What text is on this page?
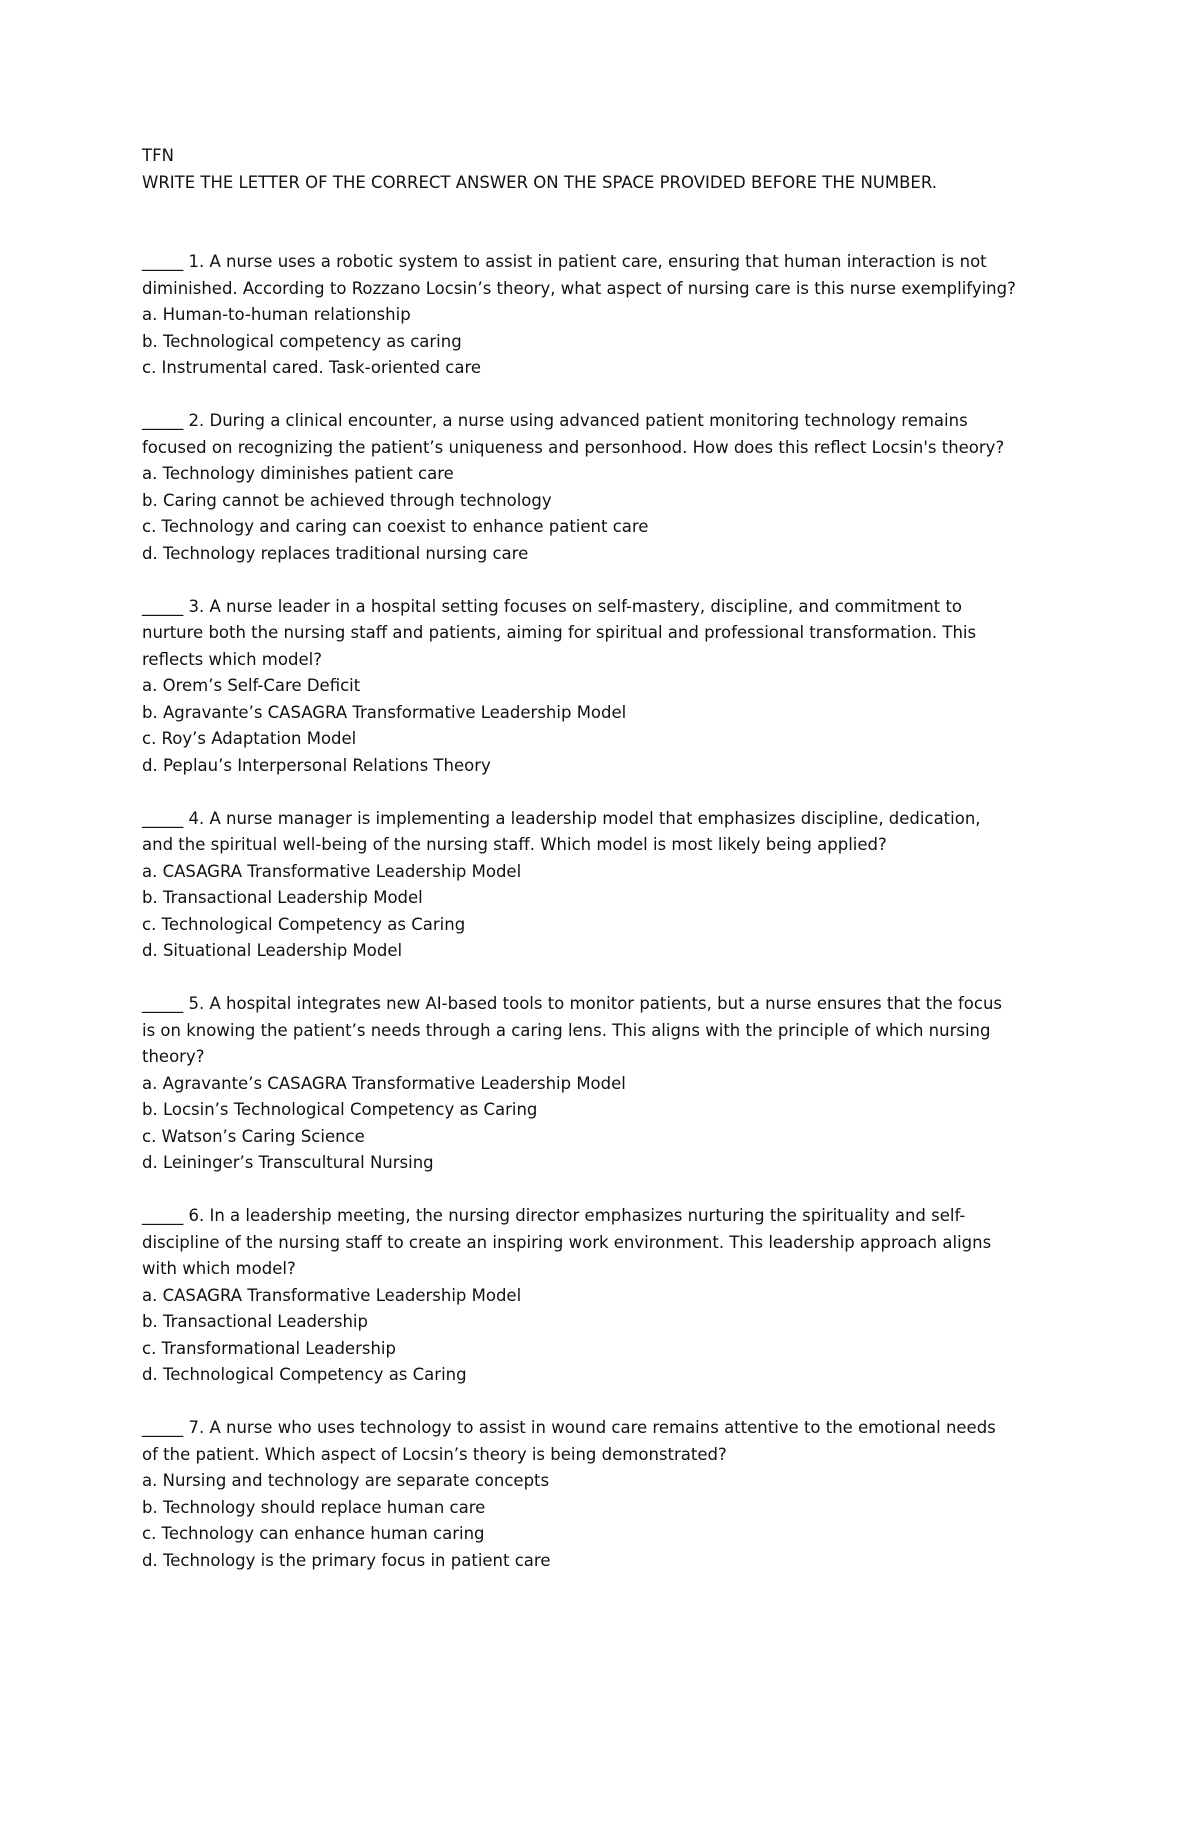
TFN
WRITE THE LETTER OF THE CORRECT ANSWER ON THE SPACE PROVIDED BEFORE THE NUMBER.
_____ 1. A nurse uses a robotic system to assist in patient care, ensuring that human interaction is not
diminished. According to Rozzano Locsin’s theory, what aspect of nursing care is this nurse exemplifying?
a. Human-to-human relationship
b. Technological competency as caring
c. Instrumental cared. Task-oriented care
_____ 2. During a clinical encounter, a nurse using advanced patient monitoring technology remains
focused on recognizing the patient’s uniqueness and personhood. How does this reflect Locsin's theory?
a. Technology diminishes patient care
b. Caring cannot be achieved through technology
c. Technology and caring can coexist to enhance patient care
d. Technology replaces traditional nursing care
_____ 3. A nurse leader in a hospital setting focuses on self-mastery, discipline, and commitment to
nurture both the nursing staff and patients, aiming for spiritual and professional transformation. This
reflects which model?
a. Orem’s Self-Care Deficit
b. Agravante’s CASAGRA Transformative Leadership Model
c. Roy’s Adaptation Model
d. Peplau’s Interpersonal Relations Theory
_____ 4. A nurse manager is implementing a leadership model that emphasizes discipline, dedication,
and the spiritual well-being of the nursing staff. Which model is most likely being applied?
a. CASAGRA Transformative Leadership Model
b. Transactional Leadership Model
c. Technological Competency as Caring
d. Situational Leadership Model
_____ 5. A hospital integrates new AI-based tools to monitor patients, but a nurse ensures that the focus
is on knowing the patient’s needs through a caring lens. This aligns with the principle of which nursing
theory?
a. Agravante’s CASAGRA Transformative Leadership Model
b. Locsin’s Technological Competency as Caring
c. Watson’s Caring Science
d. Leininger’s Transcultural Nursing
_____ 6. In a leadership meeting, the nursing director emphasizes nurturing the spirituality and self-
discipline of the nursing staff to create an inspiring work environment. This leadership approach aligns
with which model?
a. CASAGRA Transformative Leadership Model
b. Transactional Leadership
c. Transformational Leadership
d. Technological Competency as Caring
_____ 7. A nurse who uses technology to assist in wound care remains attentive to the emotional needs
of the patient. Which aspect of Locsin’s theory is being demonstrated?
a. Nursing and technology are separate concepts
b. Technology should replace human care
c. Technology can enhance human caring
d. Technology is the primary focus in patient care
